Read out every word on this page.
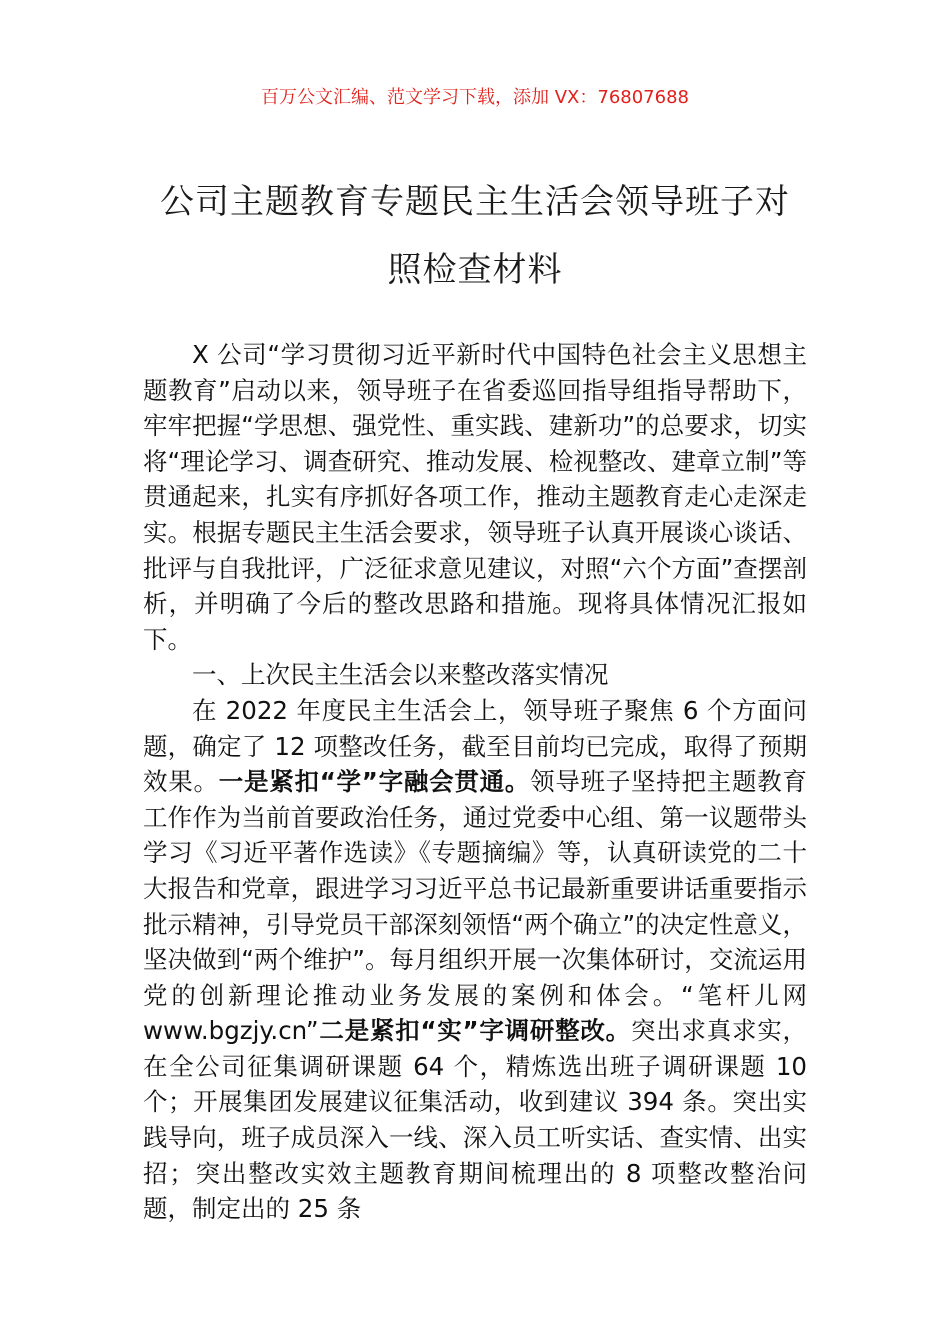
百万公文汇编、范文学习下载，添加 VX：76807688
公司主题教育专题民主生活会领导班子对
照检查材料

X 公司“学习贯彻习近平新时代中国特色社会主义思想主题教育”启动以来，领导班子在省委巡回指导组指导帮助下，牢牢把握“学思想、强党性、重实践、建新功”的总要求，切实将“理论学习、调查研究、推动发展、检视整改、建章立制”等贯通起来，扎实有序抓好各项工作，推动主题教育走心走深走实。根据专题民主生活会要求，领导班子认真开展谈心谈话、批评与自我批评，广泛征求意见建议，对照“六个方面”查摆剖析，并明确了今后的整改思路和措施。现将具体情况汇报如下。

一、上次民主生活会以来整改落实情况

在 2022 年度民主生活会上，领导班子聚焦 6 个方面问题，确定了 12 项整改任务，截至目前均已完成，取得了预期效果。一是紧扣“学”字融会贯通。领导班子坚持把主题教育工作作为当前首要政治任务，通过党委中心组、第一议题带头学习《习近平著作选读》《专题摘编》等，认真研读党的二十大报告和党章，跟进学习习近平总书记最新重要讲话重要指示批示精神，引导党员干部深刻领悟“两个确立”的决定性意义，坚决做到“两个维护”。每月组织开展一次集体研讨，交流运用党的创新理论推动业务发展的案例和体会。“笔杆儿网 www.bgzjy.cn”二是紧扣“实”字调研整改。突出求真求实，在全公司征集调研课题 64 个，精炼选出班子调研课题 10 个；开展集团发展建议征集活动，收到建议 394 条。突出实践导向，班子成员深入一线、深入员工听实话、查实情、出实招；突出整改实效主题教育期间梳理出的 8 项整改整治问题，制定出的 25 条
